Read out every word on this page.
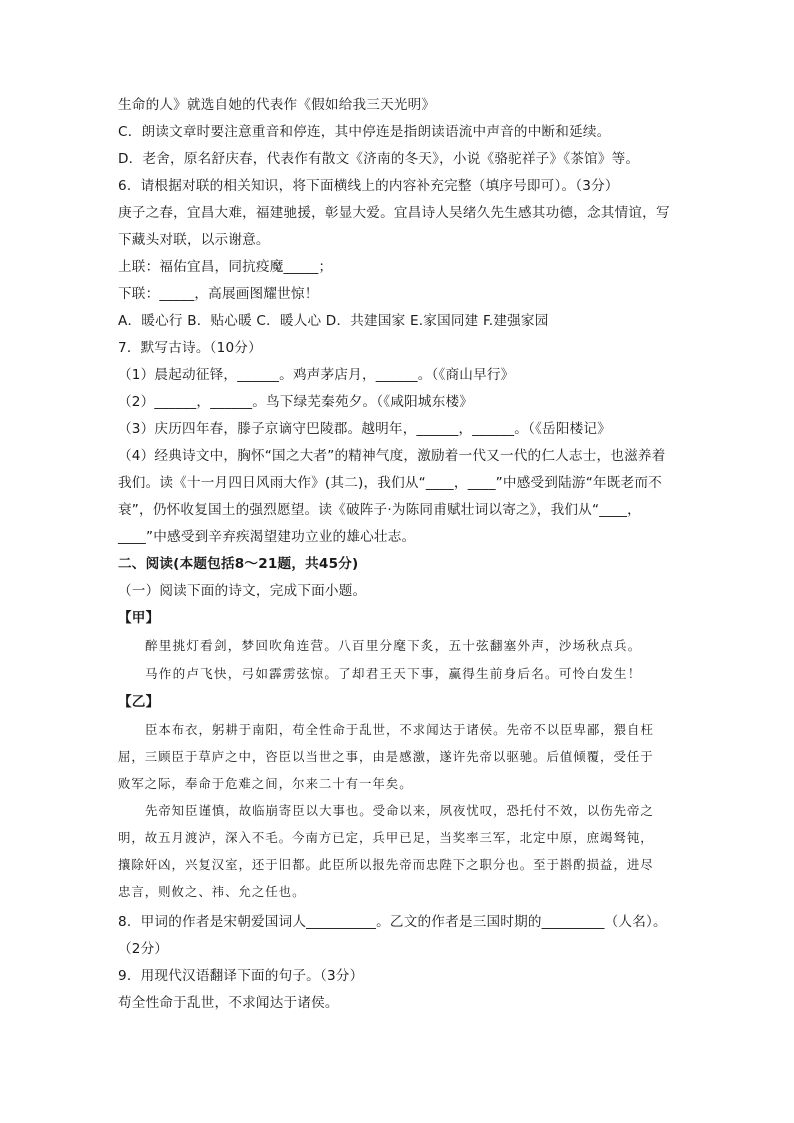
生命的人》就选自她的代表作《假如给我三天光明》
C．朗读文章时要注意重音和停连，其中停连是指朗读语流中声音的中断和延续。
D．老舍，原名舒庆春，代表作有散文《济南的冬天》，小说《骆驼祥子》《茶馆》等。
6．请根据对联的相关知识，将下面横线上的内容补充完整（填序号即可）。（3分）
庚子之春，宜昌大难，福建驰援，彰显大爱。宜昌诗人吴绪久先生感其功德，念其情谊，写
下藏头对联，以示谢意。
上联：福佑宜昌，同抗疫魔_____；
下联：_____，高展画图耀世惊！
A．暖心行 B．贴心暖 C．暖人心 D．共建国家 E.家国同建 F.建强家园
7．默写古诗。（10分）
（1）晨起动征铎，______。鸡声茅店月，______。（《商山早行》
（2）______，______。鸟下绿芜秦苑夕。（《咸阳城东楼》
（3）庆历四年春，滕子京谪守巴陵郡。越明年，______，______。（《岳阳楼记》
（4）经典诗文中，胸怀“国之大者”的精神气度，激励着一代又一代的仁人志士，也滋养着
我们。读《十一月四日风雨大作》(其二)，我们从“____，____”中感受到陆游“年既老而不
衰”，仍怀收复国土的强烈愿望。读《破阵子·为陈同甫赋壮词以寄之》，我们从“____，
____”中感受到辛弃疾渴望建功立业的雄心壮志。
二、阅读(本题包括8～21题，共45分)
（一）阅读下面的诗文，完成下面小题。
【甲】
醉里挑灯看剑，梦回吹角连营。八百里分麾下炙，五十弦翻塞外声，沙场秋点兵。
马作的卢飞快，弓如霹雳弦惊。了却君王天下事，赢得生前身后名。可怜白发生！
【乙】
臣本布衣，躬耕于南阳，苟全性命于乱世，不求闻达于诸侯。先帝不以臣卑鄙，猥自枉
屈，三顾臣于草庐之中，咨臣以当世之事，由是感激，遂许先帝以驱驰。后值倾覆，受任于
败军之际，奉命于危难之间，尔来二十有一年矣。
先帝知臣谨慎，故临崩寄臣以大事也。受命以来，夙夜忧叹，恐托付不效，以伤先帝之
明，故五月渡泸，深入不毛。今南方已定，兵甲已足，当奖率三军，北定中原，庶竭驽钝，
攘除奸凶，兴复汉室，还于旧都。此臣所以报先帝而忠陛下之职分也。至于斟酌损益，进尽
忠言，则攸之、祎、允之任也。
8．甲词的作者是宋朝爱国词人__________。乙文的作者是三国时期的_________（人名）。
（2分）
9．用现代汉语翻译下面的句子。（3分）
苟全性命于乱世，不求闻达于诸侯。
